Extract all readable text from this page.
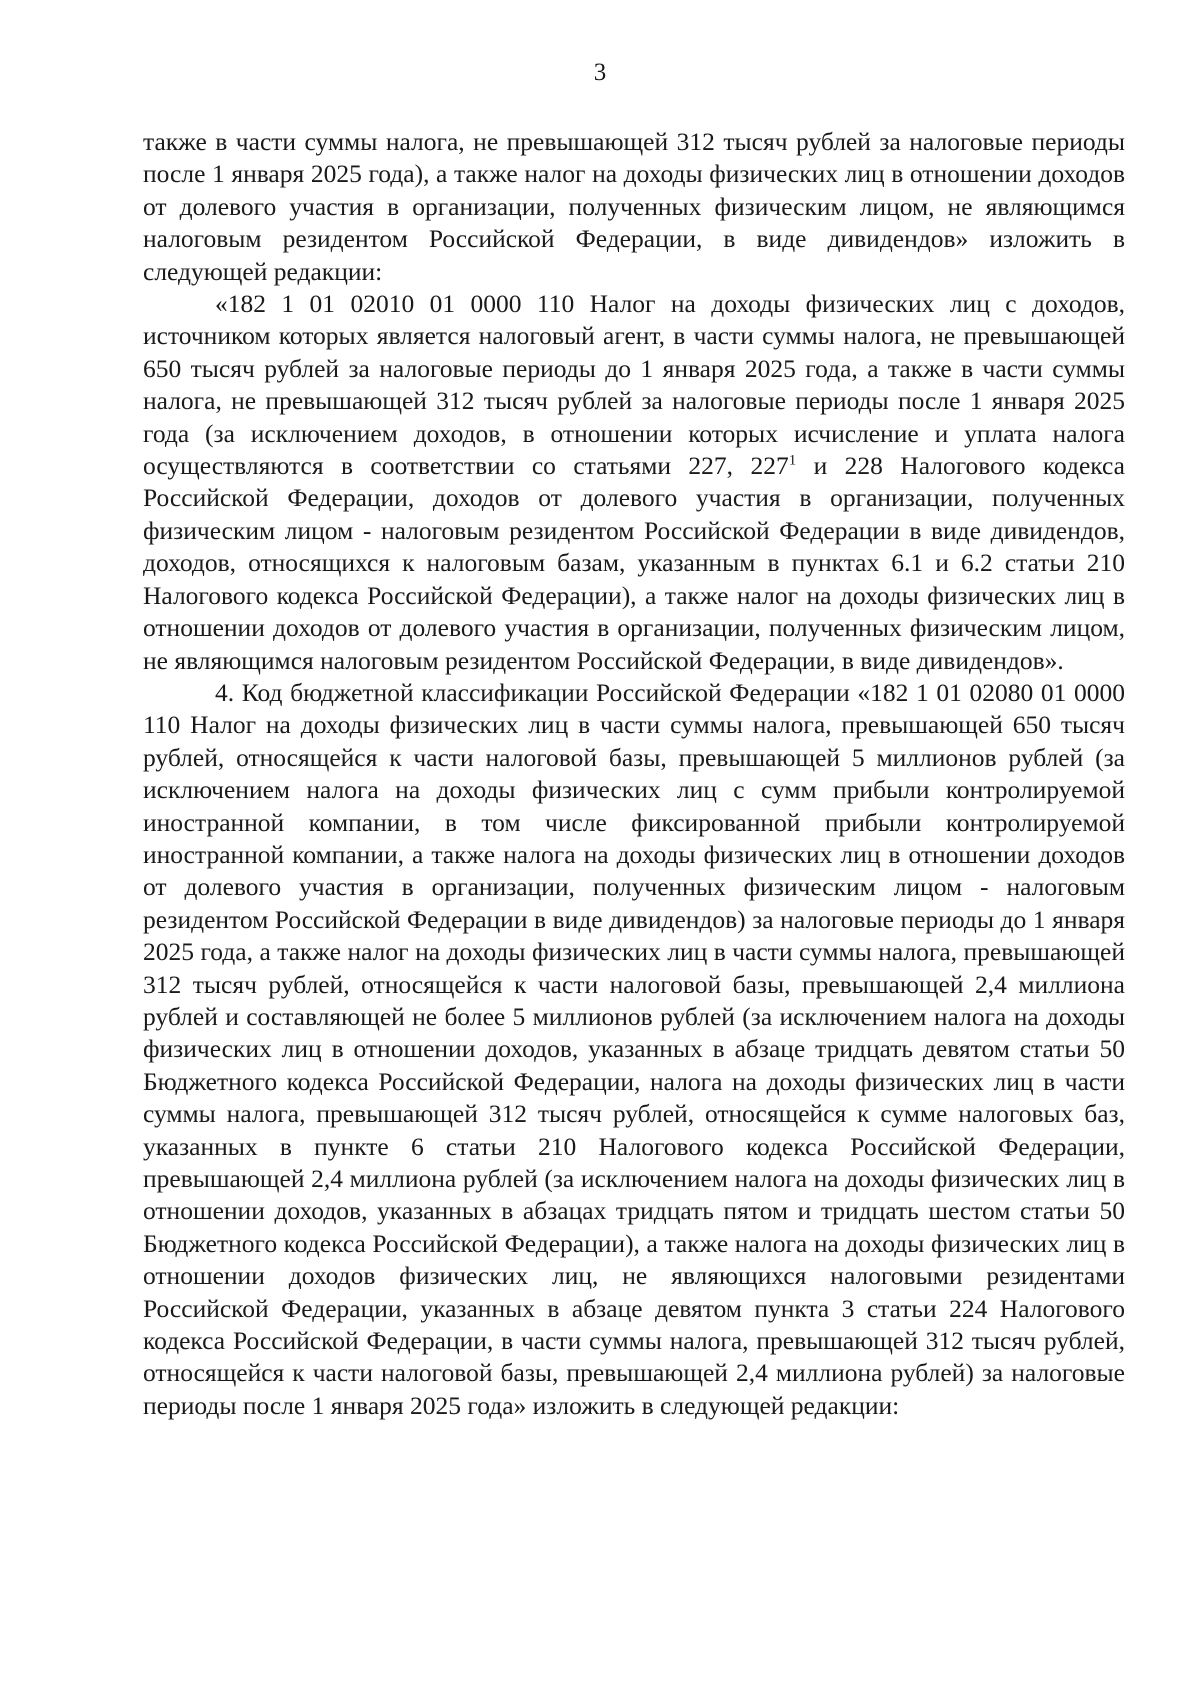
3

также в части суммы налога, не превышающей 312 тысяч рублей за налоговые периоды после 1 января 2025 года), а также налог на доходы физических лиц в отношении доходов от долевого участия в организации, полученных физическим лицом, не являющимся налоговым резидентом Российской Федерации, в виде дивидендов» изложить в следующей редакции:

«182 1 01 02010 01 0000 110 Налог на доходы физических лиц с доходов, источником которых является налоговый агент, в части суммы налога, не превышающей 650 тысяч рублей за налоговые периоды до 1 января 2025 года, а также в части суммы налога, не превышающей 312 тысяч рублей за налоговые периоды после 1 января 2025 года (за исключением доходов, в отношении которых исчисление и уплата налога осуществляются в соответствии со статьями 227, $227^1$ и 228 Налогового кодекса Российской Федерации, доходов от долевого участия в организации, полученных физическим лицом - налоговым резидентом Российской Федерации в виде дивидендов, доходов, относящихся к налоговым базам, указанным в пунктах 6.1 и 6.2 статьи 210 Налогового кодекса Российской Федерации), а также налог на доходы физических лиц в отношении доходов от долевого участия в организации, полученных физическим лицом, не являющимся налоговым резидентом Российской Федерации, в виде дивидендов».

4. Код бюджетной классификации Российской Федерации «182 1 01 02080 01 0000 110 Налог на доходы физических лиц в части суммы налога, превышающей 650 тысяч рублей, относящейся к части налоговой базы, превышающей 5 миллионов рублей (за исключением налога на доходы физических лиц с сумм прибыли контролируемой иностранной компании, в том числе фиксированной прибыли контролируемой иностранной компании, а также налога на доходы физических лиц в отношении доходов от долевого участия в организации, полученных физическим лицом - налоговым резидентом Российской Федерации в виде дивидендов) за налоговые периоды до 1 января 2025 года, а также налог на доходы физических лиц в части суммы налога, превышающей 312 тысяч рублей, относящейся к части налоговой базы, превышающей 2,4 миллиона рублей и составляющей не более 5 миллионов рублей (за исключением налога на доходы физических лиц в отношении доходов, указанных в абзаце тридцать девятом статьи 50 Бюджетного кодекса Российской Федерации, налога на доходы физических лиц в части суммы налога, превышающей 312 тысяч рублей, относящейся к сумме налоговых баз, указанных в пункте 6 статьи 210 Налогового кодекса Российской Федерации, превышающей 2,4 миллиона рублей (за исключением налога на доходы физических лиц в отношении доходов, указанных в абзацах тридцать пятом и тридцать шестом статьи 50 Бюджетного кодекса Российской Федерации), а также налога на доходы физических лиц в отношении доходов физических лиц, не являющихся налоговыми резидентами Российской Федерации, указанных в абзаце девятом пункта 3 статьи 224 Налогового кодекса Российской Федерации, в части суммы налога, превышающей 312 тысяч рублей, относящейся к части налоговой базы, превышающей 2,4 миллиона рублей) за налоговые периоды после 1 января 2025 года» изложить в следующей редакции:
